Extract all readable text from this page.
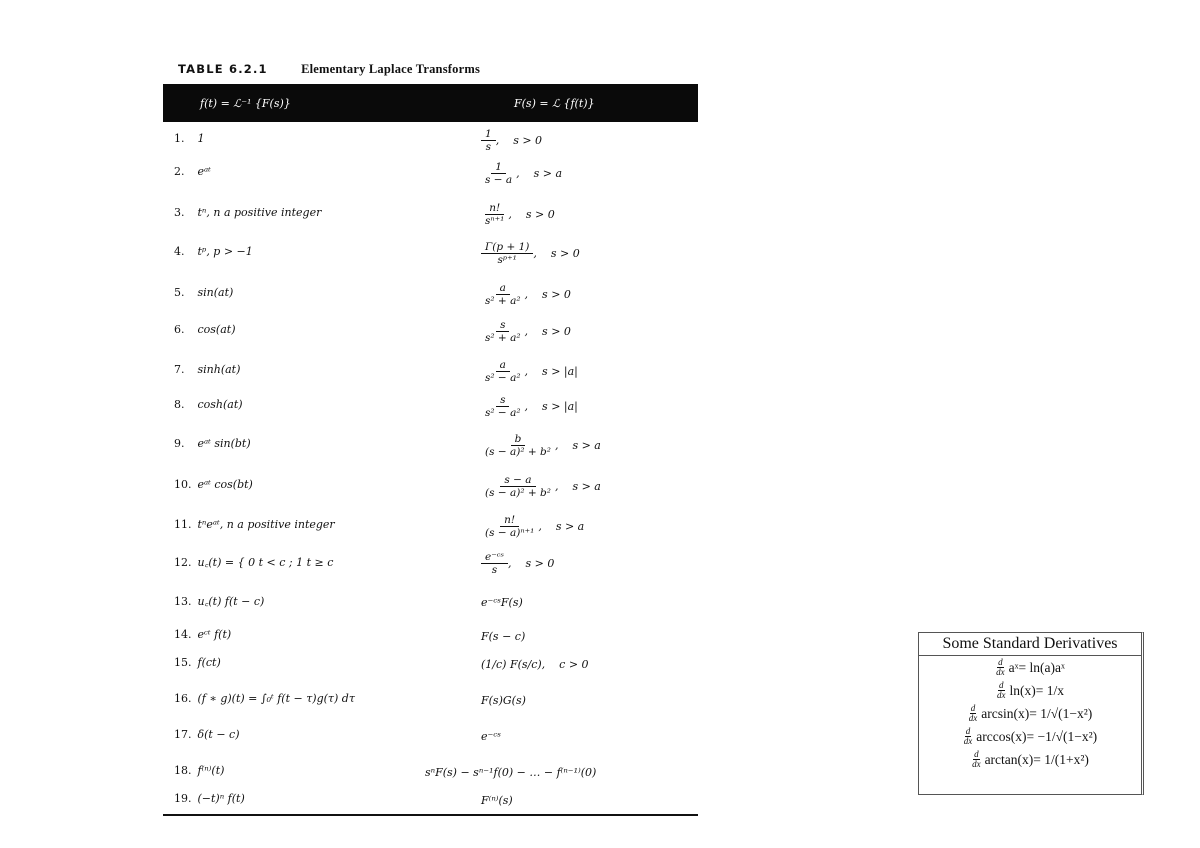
TABLE 6.2.1	Elementary Laplace Transforms
f(t) = ℒ⁻¹ {F(s)}	F(s) = ℒ {f(t)}
1. 1	$\frac{1}{s}$ , s > 0
2. eᵃᵗ	$\frac{1}{s - a}$ , s > a
3. tⁿ, n a positive integer	$\frac{n!}{\text{sⁿ⁺¹}}$ , s > 0
4. tᵖ, p > −1	$\frac{\Gamma(p + 1)}{\text{sᵖ⁺¹}}$ , s > 0
5. sin(at)	$\frac{a}{\text{s² + a²}}$ , s > 0
6. cos(at)	$\frac{s}{\text{s² + a²}}$ , s > 0
7. sinh(at)	$\frac{a}{\text{s² − a²}}$ , s > |a|
8. cosh(at)	$\frac{s}{\text{s² − a²}}$ , s > |a|
9. eᵃᵗ sin(bt)	$\frac{b}{\text{(s − a)² + b²}}$ , s > a
10. eᵃᵗ cos(bt)	$\frac{s - a}{\text{(s − a)² + b²}}$ , s > a
11. tⁿeᵃᵗ, n a positive integer	$\frac{n!}{\text{(s − a)ⁿ⁺¹}}$ , s > a
12. u꜀(t) = { 0 t < c ; 1 t ≥ c	$\frac{\text{e⁻ᶜˢ}}{s}$ , s > 0
13. u꜀(t) f(t − c)	e⁻ᶜˢF(s)
14. eᶜᵗ f(t)	F(s − c)
15. f(ct)	(1/c) F(s/c), c > 0
16. (f ∗ g)(t) = ∫₀ᵗ f(t − τ)g(τ) dτ	F(s)G(s)
17. δ(t − c)	e⁻ᶜˢ
18. f⁽ⁿ⁾(t)	sⁿF(s) − sⁿ⁻¹f(0) − … − f⁽ⁿ⁻¹⁾(0)
19. (−t)ⁿ f(t)	F⁽ⁿ⁾(s)
Some Standard Derivatives
$\frac{d}{dx}$ aˣ = ln(a)aˣ
$\frac{d}{dx} \ln(x) = 1/x$
$\frac{d}{dx} \arcsin(x) = 1/√(1-x^2)$
$\frac{d}{dx} \arccos(x) = -1/√(1-x^2)$
$\frac{d}{dx} \arctan(x) = 1/(1+x^2)$
